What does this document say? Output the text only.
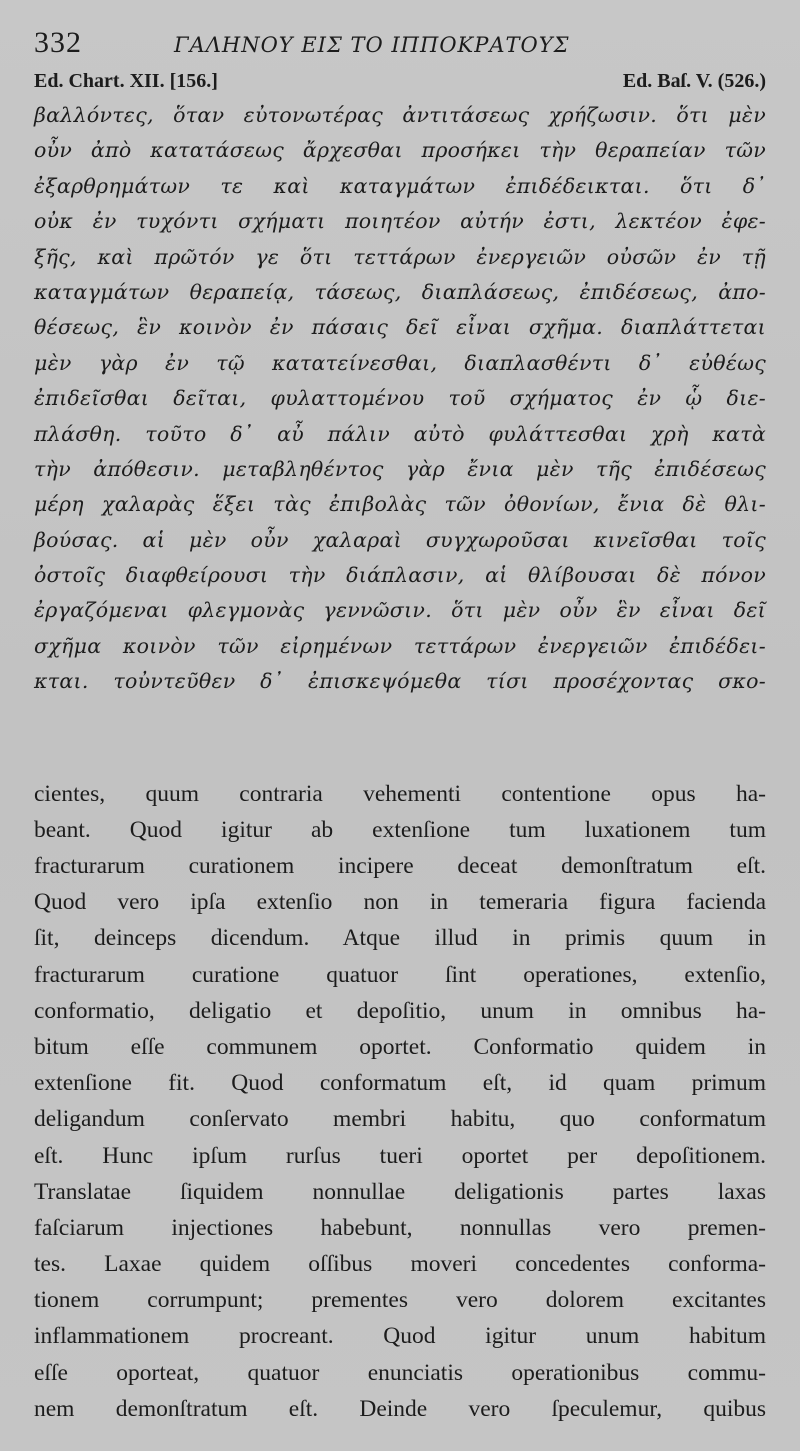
332	ΓΑΛΗΝΟΥ ΕΙΣ ΤΟ ΙΠΠΟΚΡΑΤΟΥΣ
Ed. Chart. XII. [156.]	Ed. Baſ. V. (526.)
βαλλόντες, ὅταν εὐτονωτέρας ἀντιτάσεως χρήζωσιν. ὅτι μὲν
οὖν ἀπὸ κατατάσεως ἄρχεσθαι προσήκει τὴν θεραπείαν τῶν
ἐξαρθρημάτων τε καὶ καταγμάτων ἐπιδέδεικται. ὅτι δ᾽
οὐκ ἐν τυχόντι σχήματι ποιητέον αὐτήν ἐστι, λεκτέον ἐφε-
ξῆς, καὶ πρῶτόν γε ὅτι τεττάρων ἐνεργειῶν οὐσῶν ἐν τῇ
καταγμάτων θεραπείᾳ, τάσεως, διαπλάσεως, ἐπιδέσεως, ἀπο-
θέσεως, ἓν κοινὸν ἐν πάσαις δεῖ εἶναι σχῆμα. διαπλάττεται
μὲν γὰρ ἐν τῷ κατατείνεσθαι, διαπλασθέντι δ᾽ εὐθέως
ἐπιδεῖσθαι δεῖται, φυλαττομένου τοῦ σχήματος ἐν ᾧ διε-
πλάσθη. τοῦτο δ᾽ αὖ πάλιν αὐτὸ φυλάττεσθαι χρὴ κατὰ
τὴν ἀπόθεσιν. μεταβληθέντος γὰρ ἔνια μὲν τῆς ἐπιδέσεως
μέρη χαλαρὰς ἕξει τὰς ἐπιβολὰς τῶν ὀθονίων, ἔνια δὲ θλι-
βούσας. αἱ μὲν οὖν χαλαραὶ συγχωροῦσαι κινεῖσθαι τοῖς
ὀστοῖς διαφθείρουσι τὴν διάπλασιν, αἱ θλίβουσαι δὲ πόνον
ἐργαζόμεναι φλεγμονὰς γεννῶσιν. ὅτι μὲν οὖν ἓν εἶναι δεῖ
σχῆμα κοινὸν τῶν εἰρημένων τεττάρων ἐνεργειῶν ἐπιδέδει-
κται. τοὐντεῦθεν δ᾽ ἐπισκεψόμεθα τίσι προσέχοντας σκο-
cientes, quum contraria vehementi contentione opus ha-
beant. Quod igitur ab extenſione tum luxationem tum
fracturarum curationem incipere deceat demonſtratum eſt.
Quod vero ipſa extenſio non in temeraria figura facienda
ſit, deinceps dicendum. Atque illud in primis quum in
fracturarum curatione quatuor ſint operationes, extenſio,
conformatio, deligatio et depoſitio, unum in omnibus ha-
bitum eſſe communem oportet. Conformatio quidem in
extenſione fit. Quod conformatum eſt, id quam primum
deligandum conſervato membri habitu, quo conformatum
eſt. Hunc ipſum rurſus tueri oportet per depoſitionem.
Translatae ſiquidem nonnullae deligationis partes laxas
faſciarum injectiones habebunt, nonnullas vero premen-
tes. Laxae quidem oſſibus moveri concedentes conforma-
tionem corrumpunt; prementes vero dolorem excitantes
inflammationem procreant. Quod igitur unum habitum
eſſe oporteat, quatuor enunciatis operationibus commu-
nem demonſtratum eſt. Deinde vero ſpeculemur, quibus
